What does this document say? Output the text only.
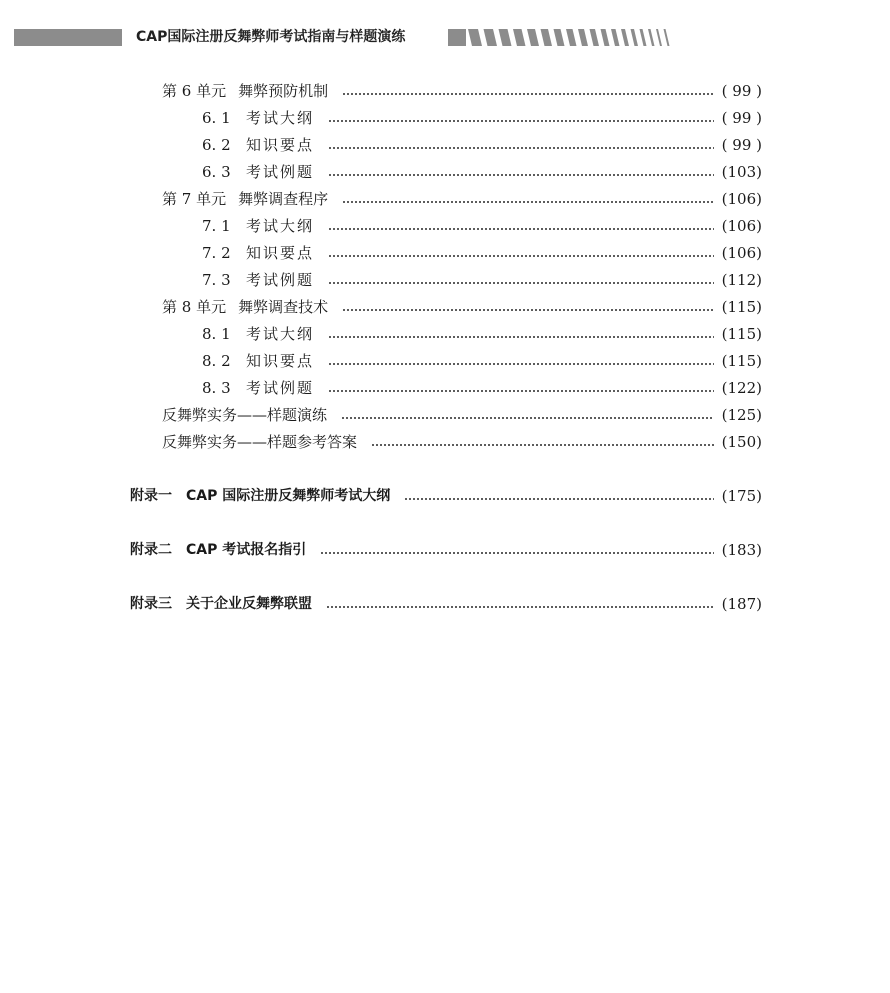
CAP国际注册反舞弊师考试指南与样题演练
第 6 单元 舞弊预防机制	( 99 )
6. 1 考试大纲	( 99 )
6. 2 知识要点	( 99 )
6. 3 考试例题	(103)
第 7 单元 舞弊调查程序	(106)
7. 1 考试大纲	(106)
7. 2 知识要点	(106)
7. 3 考试例题	(112)
第 8 单元 舞弊调查技术	(115)
8. 1 考试大纲	(115)
8. 2 知识要点	(115)
8. 3 考试例题	(122)
反舞弊实务——样题演练	(125)
反舞弊实务——样题参考答案	(150)
附录一 CAP 国际注册反舞弊师考试大纲	(175)
附录二 CAP 考试报名指引	(183)
附录三 关于企业反舞弊联盟	(187)
